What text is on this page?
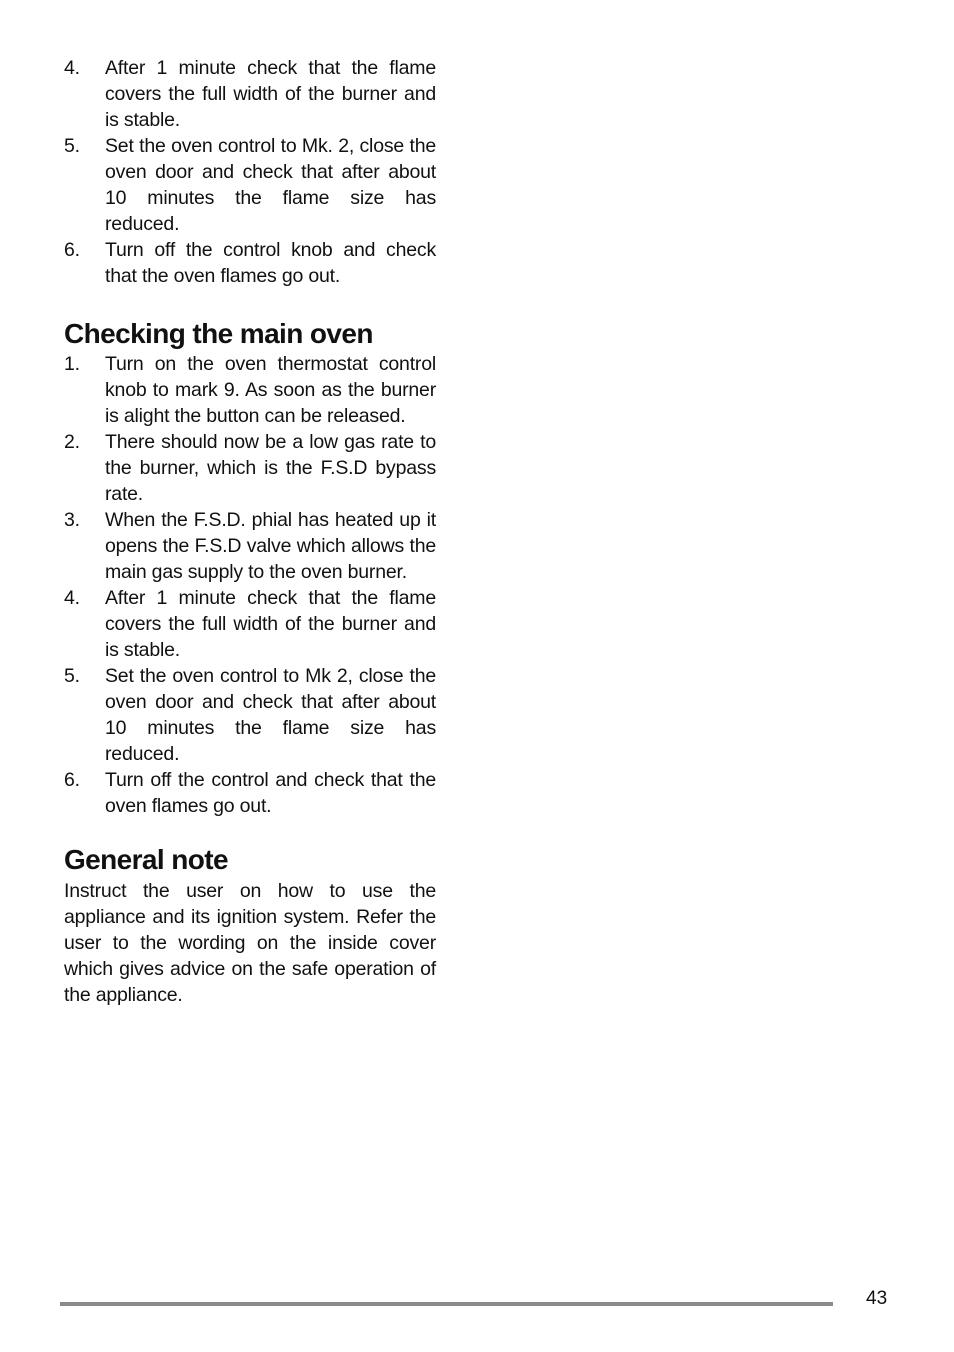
4.	After 1 minute check that the flame covers the full width of the burner and is stable.
5.	Set the oven control to Mk. 2, close the oven door and check that after about 10 minutes the flame size has reduced.
6.	Turn off the control knob and check that the oven flames go out.
Checking the main oven
1.	Turn on the oven thermostat control knob to mark 9. As soon as the burner is alight the button can be released.
2.	There should now be a low gas rate to the burner, which is the F.S.D bypass rate.
3.	When the F.S.D. phial has heated up it opens the F.S.D valve which allows the main gas supply to the oven burner.
4.	After 1 minute check that the flame covers the full width of the burner and is stable.
5.	Set the oven control to Mk 2, close the oven door and check that after about 10 minutes the flame size has reduced.
6.	Turn off the control and check that the oven flames go out.
General note

Instruct the user on how to use the appliance and its ignition system. Refer the user to the wording on the inside cover which gives advice on the safe operation of the appliance.

43
